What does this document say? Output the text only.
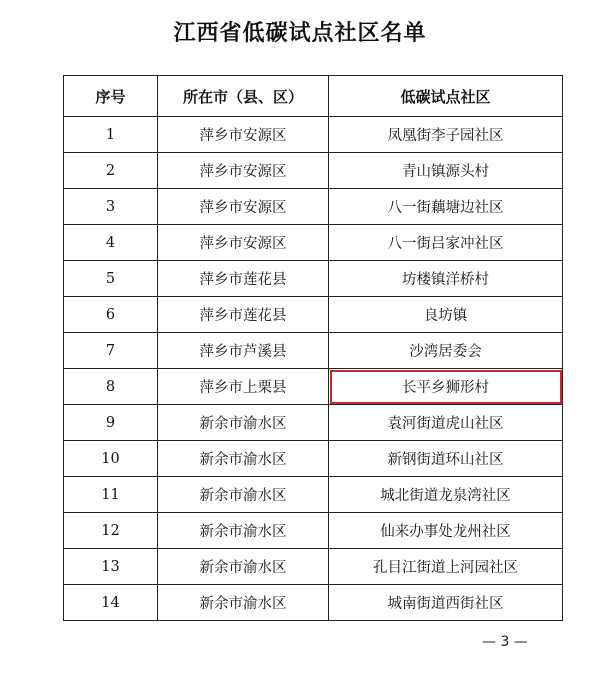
江西省低碳试点社区名单
序号	所在市（县、区）	低碳试点社区
1	萍乡市安源区	凤凰街李子园社区
2	萍乡市安源区	青山镇源头村
3	萍乡市安源区	八一街藕塘边社区
4	萍乡市安源区	八一街吕家冲社区
5	萍乡市莲花县	坊楼镇洋桥村
6	萍乡市莲花县	良坊镇
7	萍乡市芦溪县	沙湾居委会
8	萍乡市上栗县	长平乡狮形村
9	新余市渝水区	袁河街道虎山社区
10	新余市渝水区	新钢街道环山社区
11	新余市渝水区	城北街道龙泉湾社区
12	新余市渝水区	仙来办事处龙州社区
13	新余市渝水区	孔目江街道上河园社区
14	新余市渝水区	城南街道西街社区
— 3 —
